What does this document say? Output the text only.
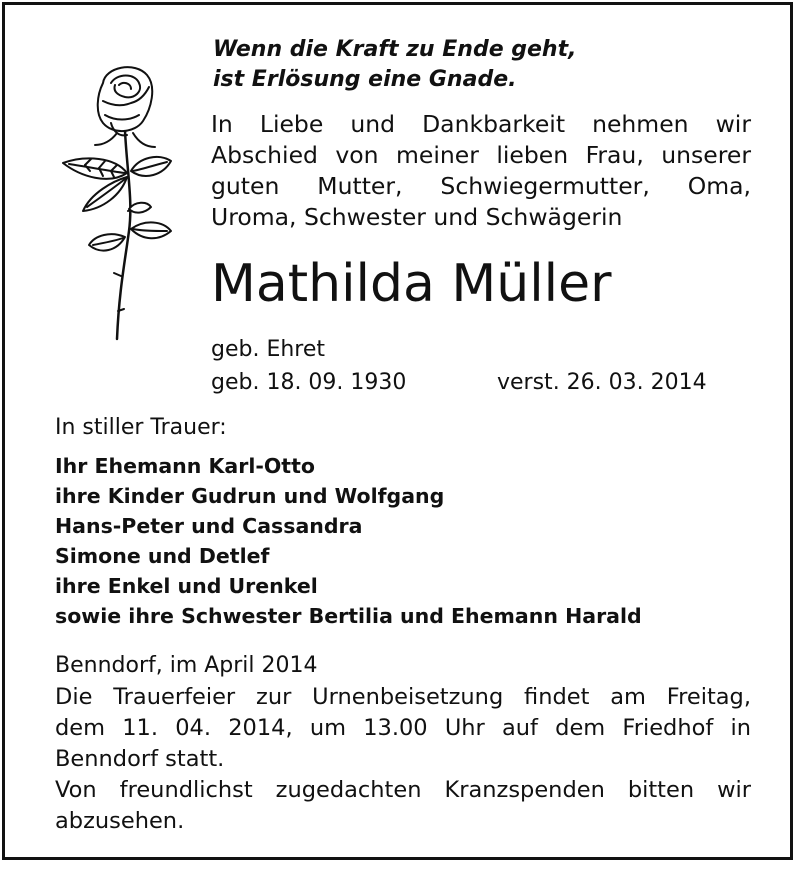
Wenn die Kraft zu Ende geht,
ist Erlösung eine Gnade.
In Liebe und Dankbarkeit nehmen wir Abschied von meiner lieben Frau, unserer guten Mutter, Schwiegermutter, Oma, Uroma, Schwester und Schwägerin
Mathilda Müller
geb. Ehret
geb. 18. 09. 1930	verst. 26. 03. 2014
In stiller Trauer:
Ihr Ehemann Karl-Otto
ihre Kinder Gudrun und Wolfgang
Hans-Peter und Cassandra
Simone und Detlef
ihre Enkel und Urenkel
sowie ihre Schwester Bertilia und Ehemann Harald
Benndorf, im April 2014
Die Trauerfeier zur Urnenbeisetzung findet am Freitag,
dem 11. 04. 2014, um 13.00 Uhr auf dem Friedhof in
Benndorf statt.
Von freundlichst zugedachten Kranzspenden bitten wir
abzusehen.
